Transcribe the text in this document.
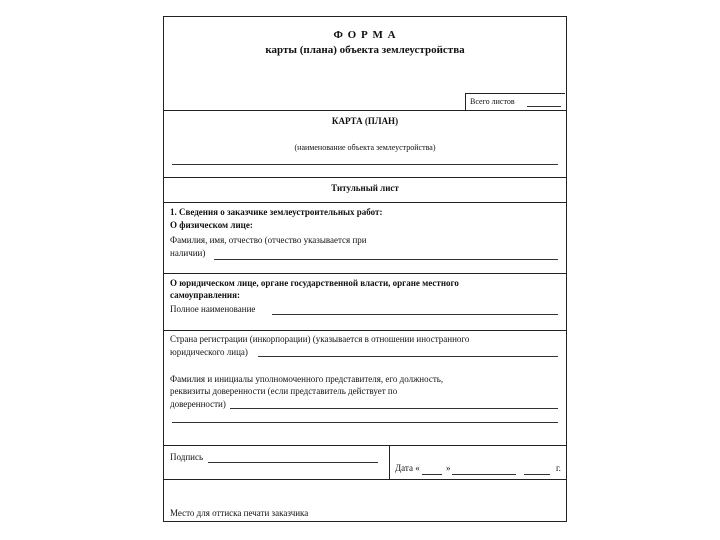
Ф О Р М А
карты (плана) объекта землеустройства
Всего листов
КАРТА (ПЛАН)
(наименование объекта землеустройства)
Титульный лист
1. Сведения о заказчике землеустроительных работ:
О физическом лице:
Фамилия, имя, отчество (отчество указывается при
наличии)
О юридическом лице, органе государственной власти, органе местного
самоуправления:
Полное наименование
Страна регистрации (инкорпорации) (указывается в отношении иностранного
юридического лица)
Фамилия и инициалы уполномоченного представителя, его должность,
реквизиты доверенности (если представитель действует по
доверенности)
Подпись
Дата «	»	г.
Место для оттиска печати заказчика
